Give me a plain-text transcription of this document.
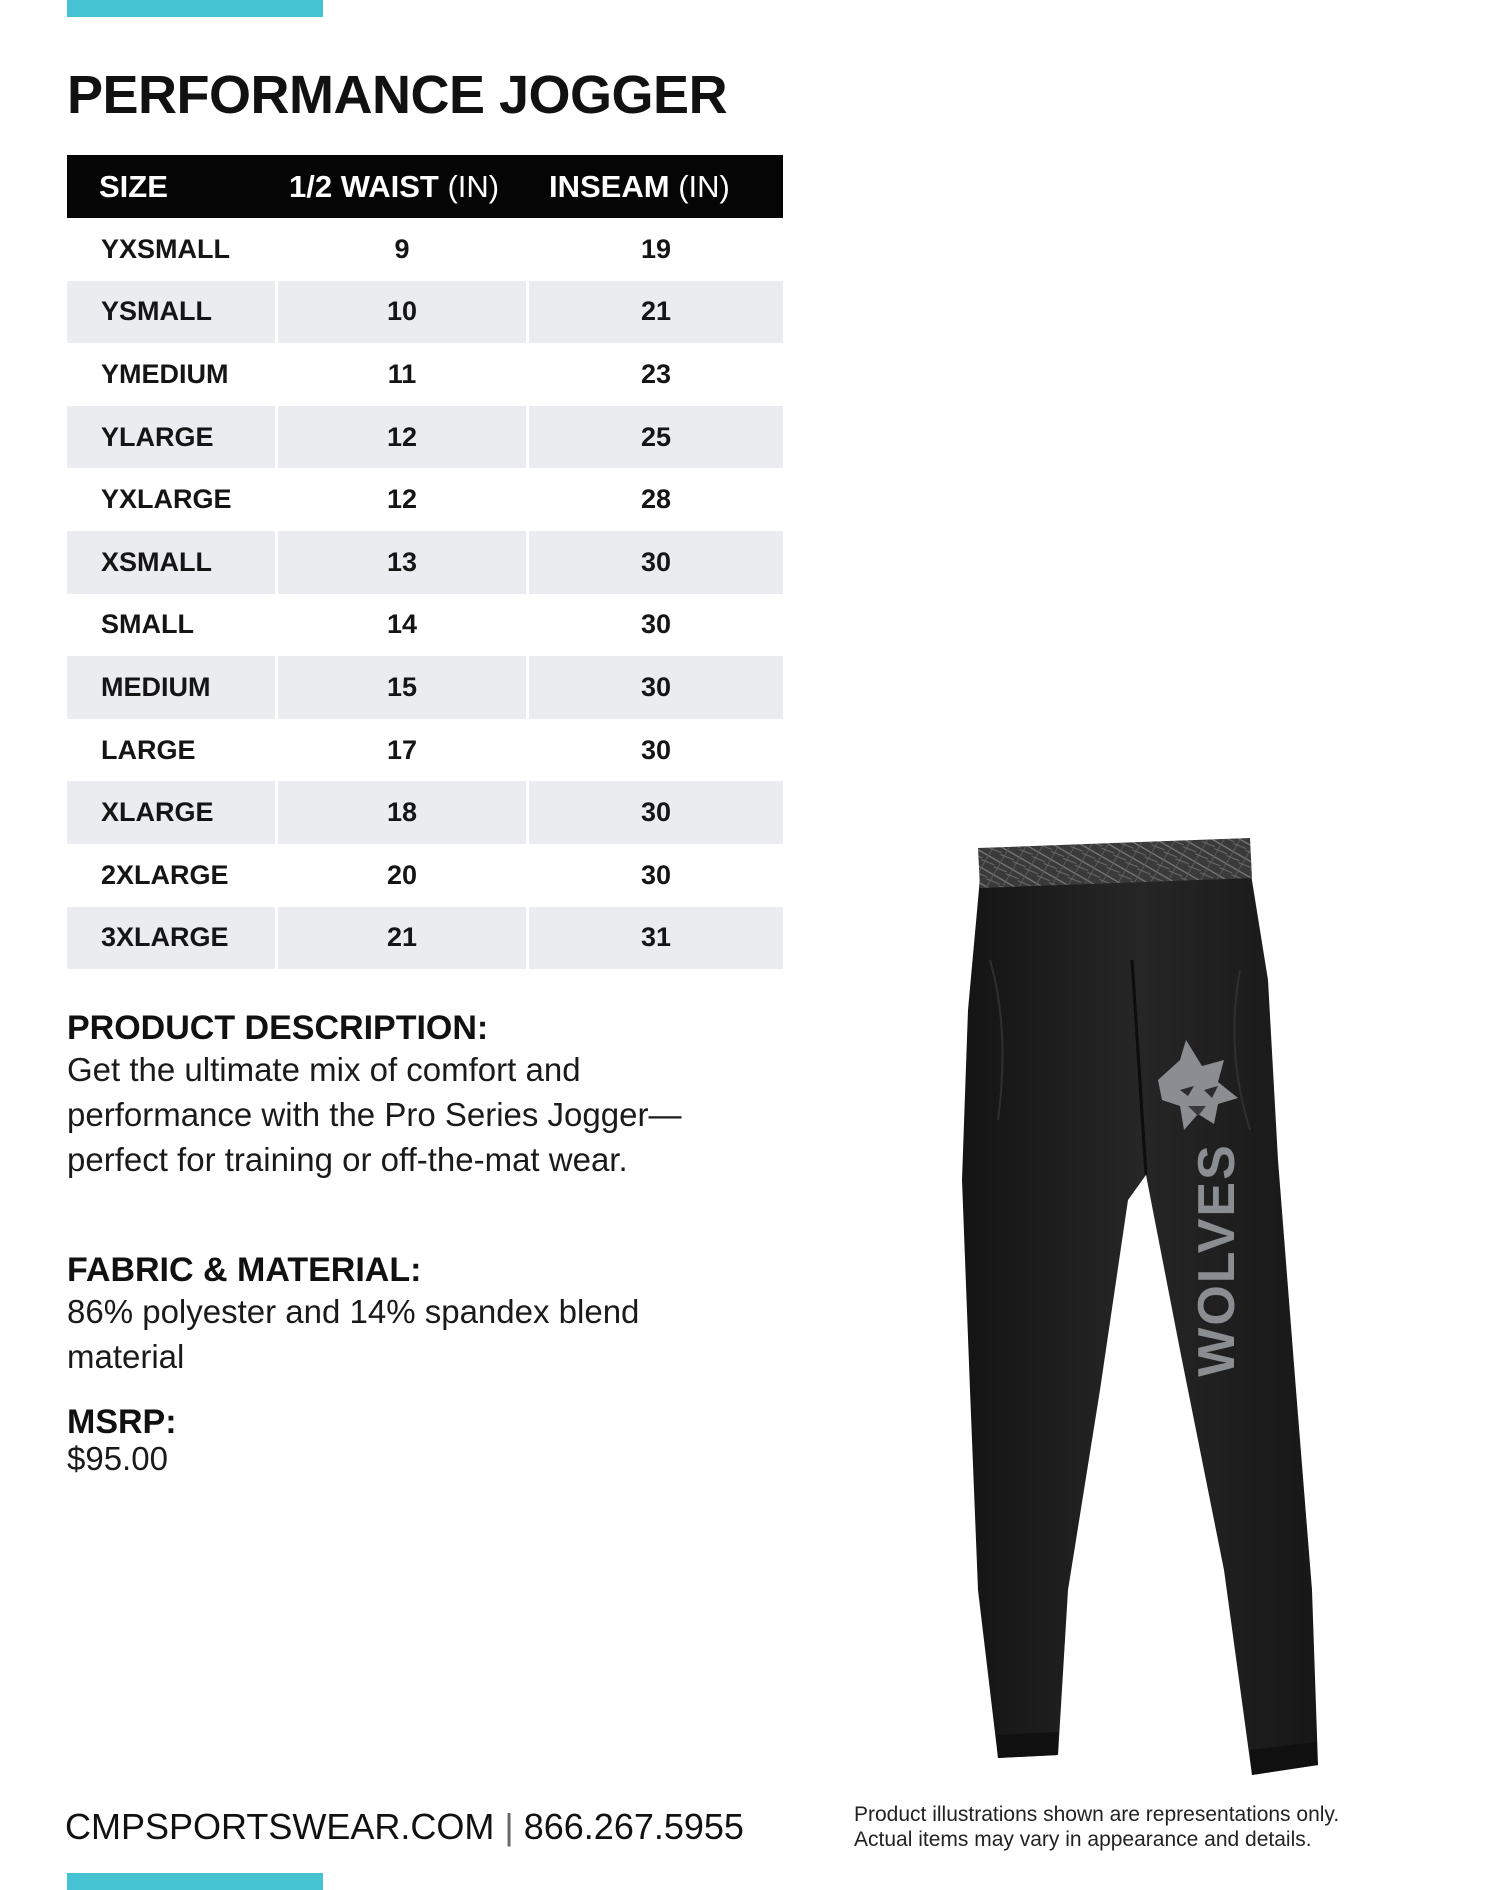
PERFORMANCE JOGGER
SIZE	1/2 WAIST (IN)	INSEAM (IN)
YXSMALL	9	19
YSMALL	10	21
YMEDIUM	11	23
YLARGE	12	25
YXLARGE	12	28
XSMALL	13	30
SMALL	14	30
MEDIUM	15	30
LARGE	17	30
XLARGE	18	30
2XLARGE	20	30
3XLARGE	21	31
PRODUCT DESCRIPTION:

Get the ultimate mix of comfort and performance with the Pro Series Jogger—perfect for training or off-the-mat wear.

FABRIC & MATERIAL:

86% polyester and 14% spandex blend material

MSRP:

$95.00

WOLVES
CMPSPORTSWEAR.COM | 866.267.5955	Product illustrations shown are representations only.

Actual items may vary in appearance and details.
